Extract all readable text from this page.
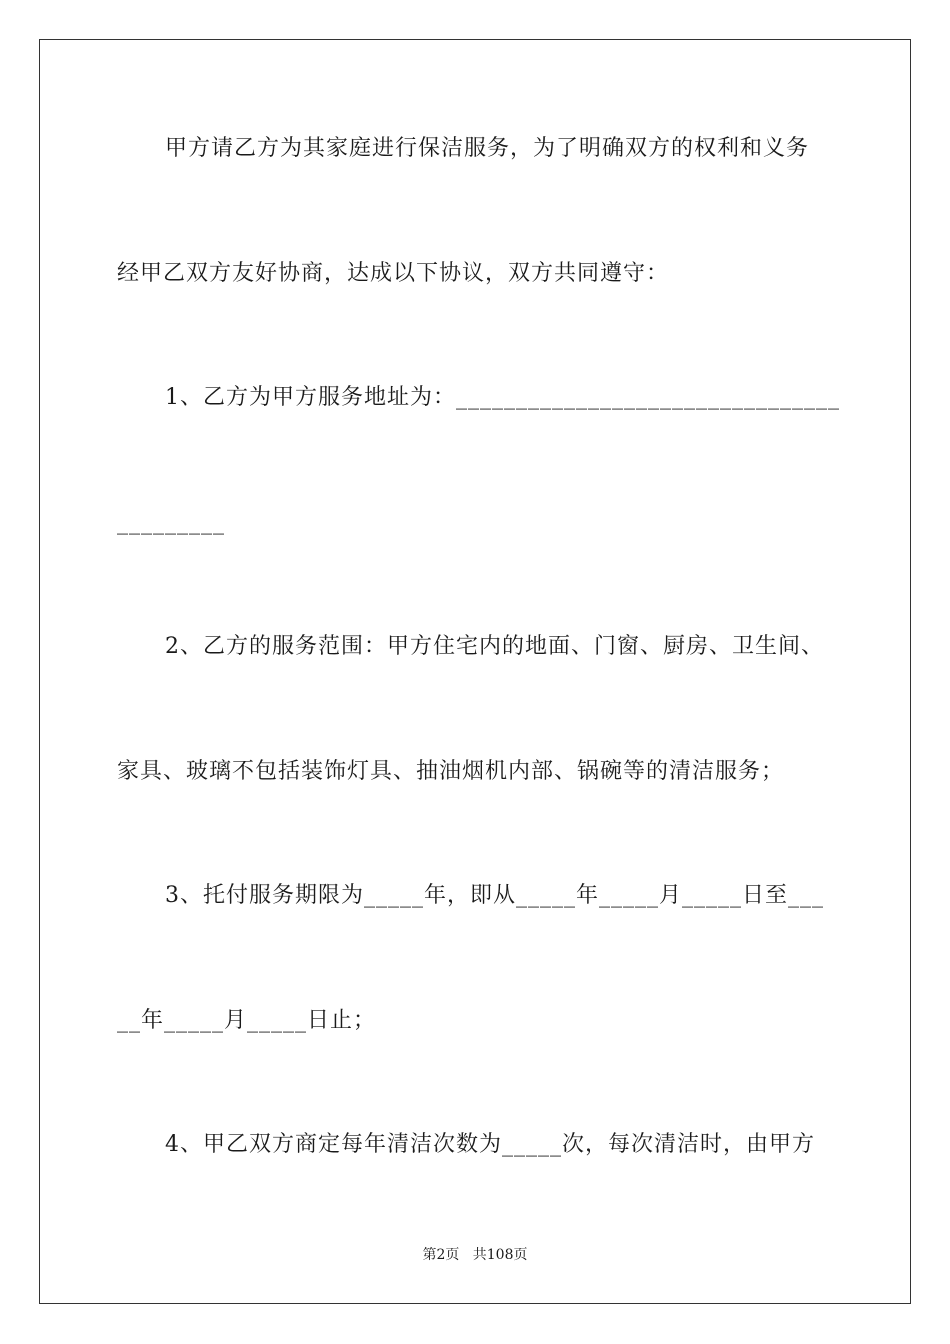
甲方请乙方为其家庭进行保洁服务，为了明确双方的权利和义务
经甲乙双方友好协商，达成以下协议，双方共同遵守：
1、乙方为甲方服务地址为：________________________________
_________
2、乙方的服务范围：甲方住宅内的地面、门窗、厨房、卫生间、
家具、玻璃不包括装饰灯具、抽油烟机内部、锅碗等的清洁服务；
3、托付服务期限为_____年，即从_____年_____月_____日至___
__年_____月_____日止；
4、甲乙双方商定每年清洁次数为_____次，每次清洁时，由甲方
第2页   共108页
